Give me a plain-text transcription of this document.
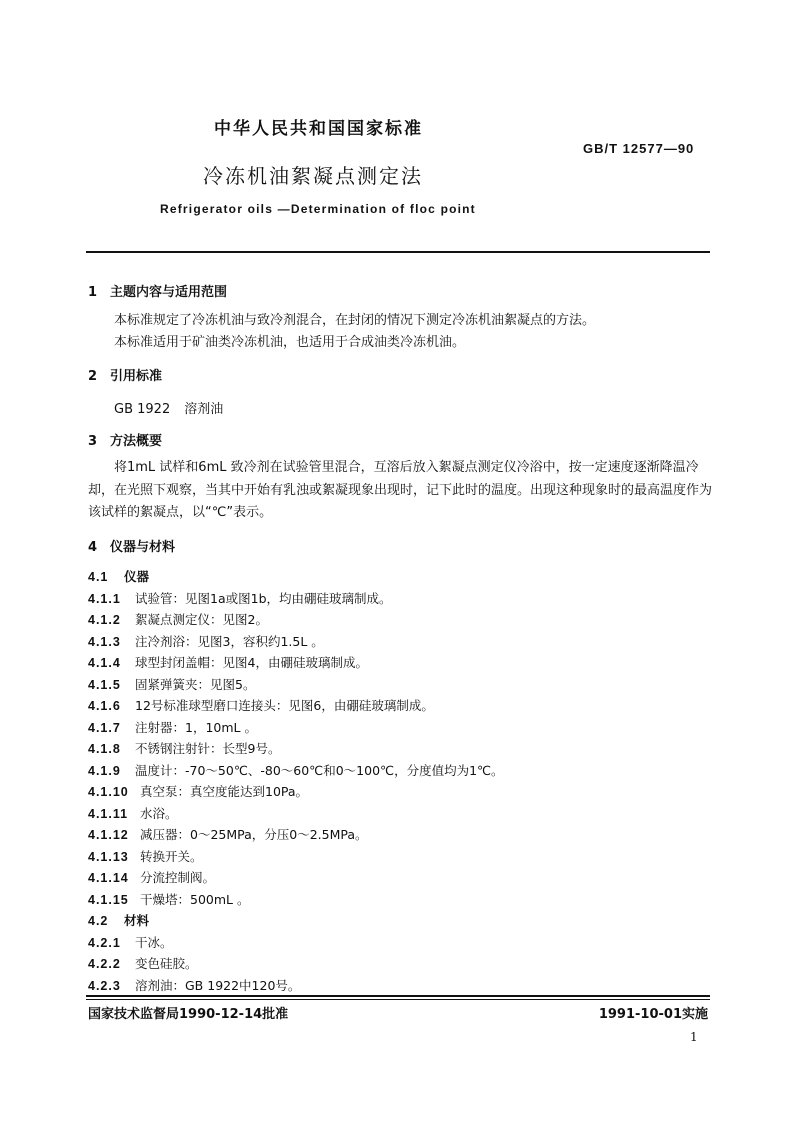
中华人民共和国国家标准
GB/T 12577—90
冷冻机油絮凝点测定法
Refrigerator oils —Determination of floc point
1 主题内容与适用范围
本标准规定了冷冻机油与致冷剂混合，在封闭的情况下测定冷冻机油絮凝点的方法。
本标准适用于矿油类冷冻机油，也适用于合成油类冷冻机油。
2 引用标准
GB 1922 溶剂油
3 方法概要
将1mL 试样和6mL 致冷剂在试验管里混合，互溶后放入絮凝点测定仪冷浴中，按一定速度逐渐降温冷却，在光照下观察，当其中开始有乳浊或絮凝现象出现时，记下此时的温度。出现这种现象时的最高温度作为该试样的絮凝点，以“℃”表示。
4 仪器与材料
4.1 仪器
4.1.1 试验管：见图1a或图1b，均由硼硅玻璃制成。
4.1.2 絮凝点测定仪：见图2。
4.1.3 注冷剂浴：见图3，容积约1.5L 。
4.1.4 球型封闭盖帽：见图4，由硼硅玻璃制成。
4.1.5 固紧弹簧夹：见图5。
4.1.6 12号标准球型磨口连接头：见图6，由硼硅玻璃制成。
4.1.7 注射器：1，10mL 。
4.1.8 不锈钢注射针：长型9号。
4.1.9 温度计：-70～50℃、-80～60℃和0～100℃，分度值均为1℃。
4.1.10 真空泵：真空度能达到10Pa。
4.1.11 水浴。
4.1.12 减压器：0～25MPa，分压0～2.5MPa。
4.1.13 转换开关。
4.1.14 分流控制阀。
4.1.15 干燥塔：500mL 。
4.2 材料
4.2.1 干冰。
4.2.2 变色硅胶。
4.2.3 溶剂油：GB 1922中120号。
国家技术监督局1990-12-14批准	1991-10-01实施
1
